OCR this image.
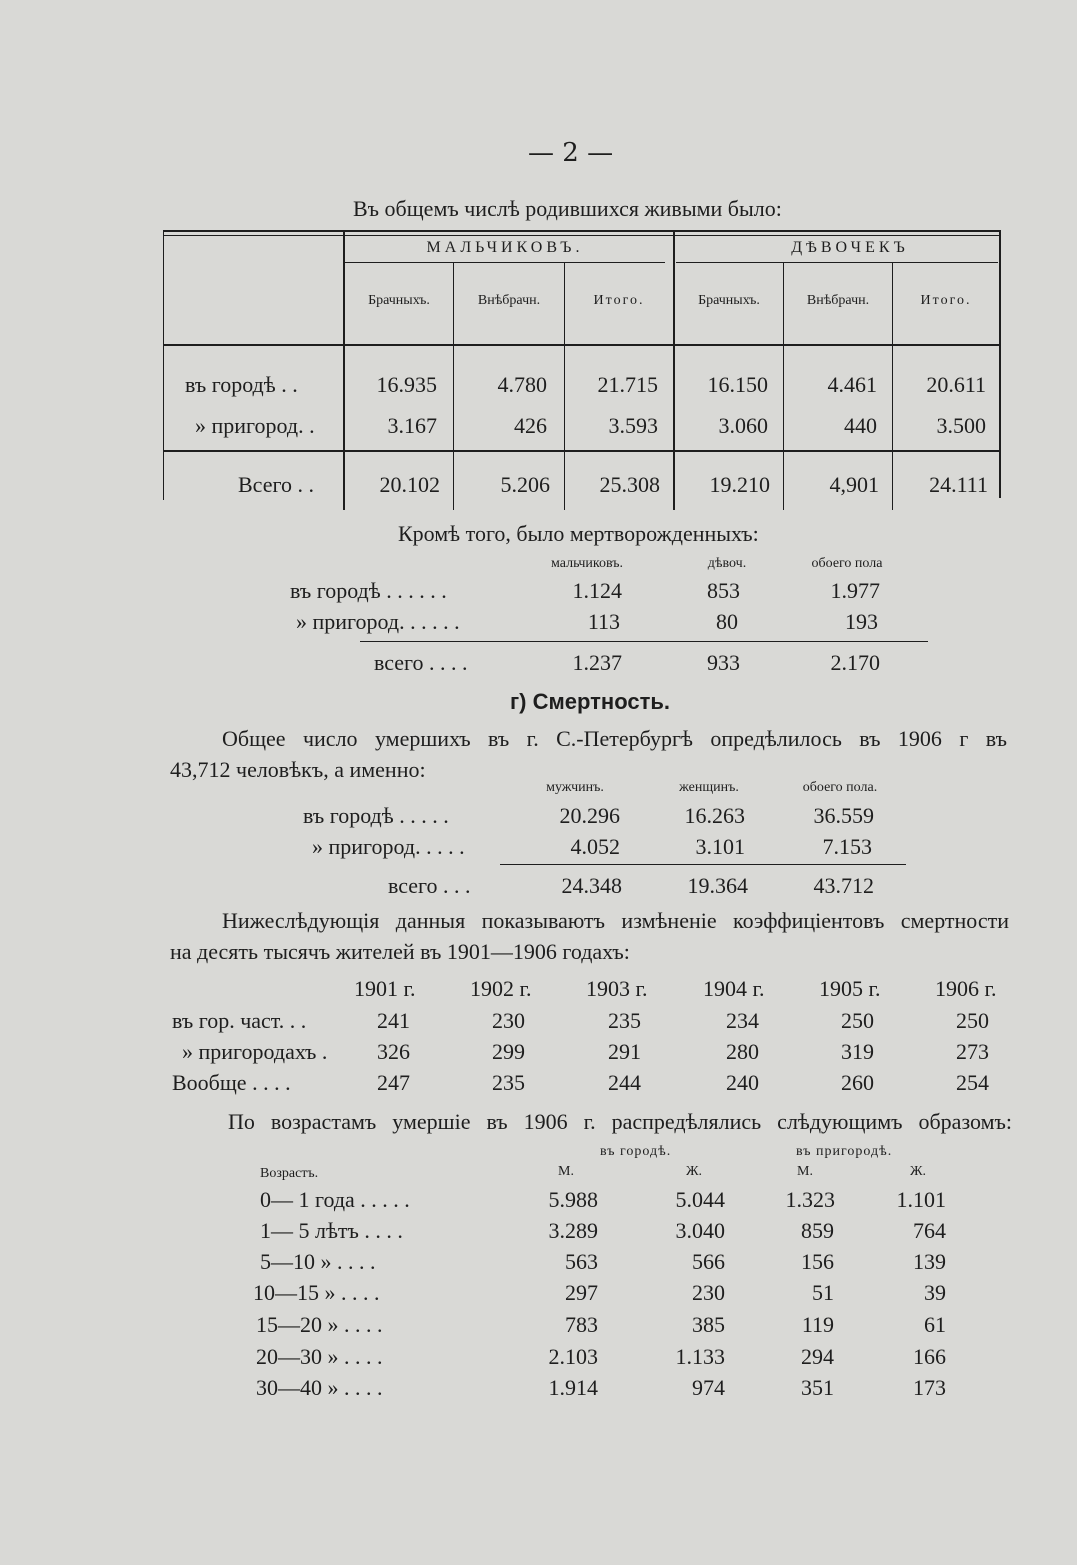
— 2 —
Въ общемъ числѣ родившихся живыми было:
МАЛЬЧИКОВЪ.	ДѢВОЧЕКЪ
Брачныхъ.	Внѣбрачн.	Итого.	Брачныхъ.	Внѣбрачн.	Итого.
въ городѣ . .	16.935	4.780	21.715	16.150	4.461	20.611
» пригород. .	3.167	426	3.593	3.060	440	3.500
Всего . .	20.102	5.206	25.308	19.210	4,901	24.111
Кромѣ того, было мертворожденныхъ:
мальчиковъ.	дѣвоч.	обоего пола
въ городѣ . . . . . .	1.124	853	1.977
» пригород. . . . . .	113	80	193
всего . . . .	1.237	933	2.170
г) Смертность.
Общее число умершихъ въ г. С.-Петербургѣ опредѣлилось въ 1906 г въ
43,712 человѣкъ, а именно:
мужчинъ.	женщинъ.	обоего пола.
въ городѣ . . . . .	20.296	16.263	36.559
» пригород. . . . .	4.052	3.101	7.153
всего . . .	24.348	19.364	43.712
Нижеслѣдующія данныя показываютъ измѣненіе коэффиціентовъ смертности
на десять тысячъ жителей въ 1901—1906 годахъ:
1901 г. 1902 г. 1903 г.	1904 г. 1905 г. 1906 г.
въ гор. част. . .	241	230	235	234	250	250
» пригородахъ . 326	299	291	280	319	273
Вообще . . . .	247	235	244	240	260	254
По возрастамъ умершіе въ 1906 г. распредѣлялись слѣдующимъ образомъ:
въ городѣ.	въ пригородѣ.
Возрастъ.	М.	Ж.	М.	Ж.
0— 1 года . . . . .	5.988	5.044	1.323	1.101
1— 5 лѣтъ . . . .	3.289	3.040	859	764
5—10 » . . . .	563	566	156	139
10—15 » . . . .	297	230	51	39
15—20 » . . . .	783	385	119	61
20—30 » . . . .	2.103	1.133	294	166
30—40 » . . . .	1.914	974	351	173
